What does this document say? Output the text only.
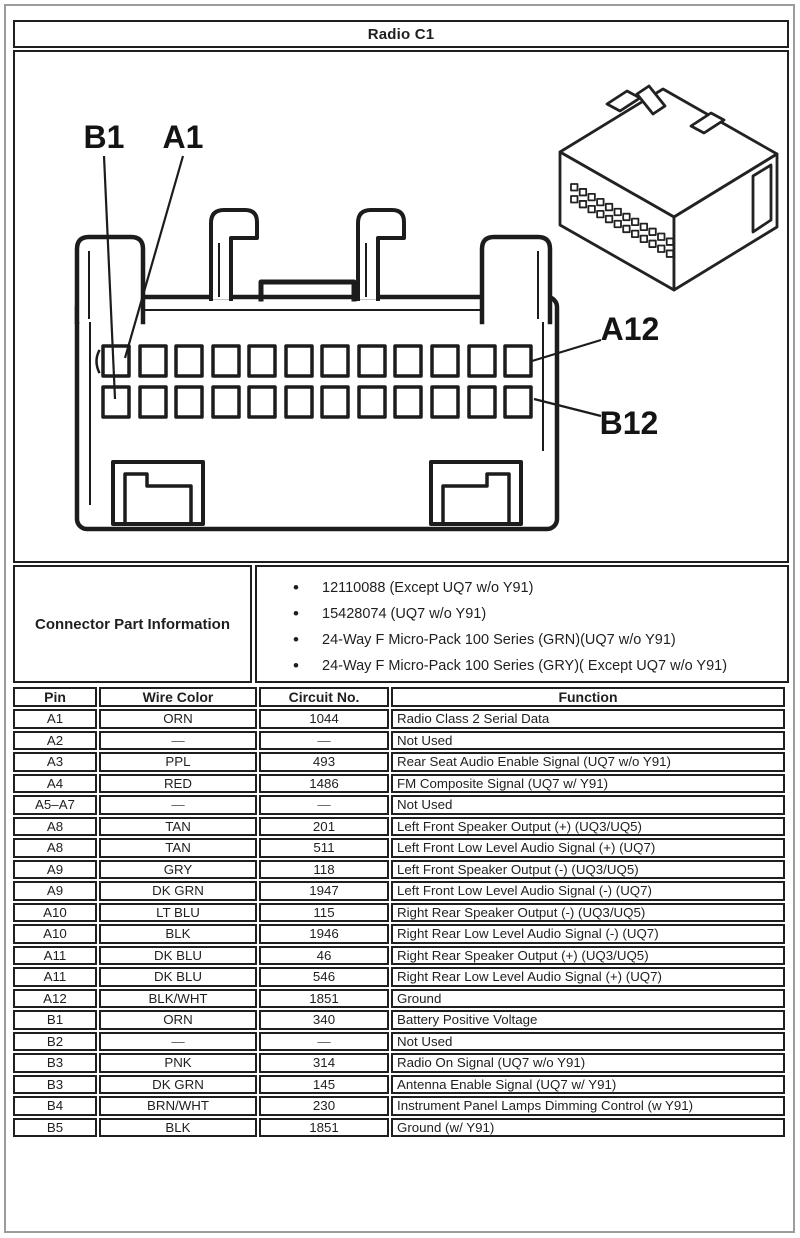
Radio C1
B1 A1
A12
B12
Connector Part Information
• 12110088 (Except UQ7 w/o Y91)
• 15428074 (UQ7 w/o Y91)
• 24-Way F Micro-Pack 100 Series (GRN)(UQ7 w/o Y91)
• 24-Way F Micro-Pack 100 Series (GRY)( Except UQ7 w/o Y91)
Pin	Wire Color	Circuit No.	Function
A1	ORN	1044	Radio Class 2 Serial Data
A2	—	—	Not Used
A3	PPL	493	Rear Seat Audio Enable Signal (UQ7 w/o Y91)
A4	RED	1486	FM Composite Signal (UQ7 w/ Y91)
A5–A7	—	—	Not Used
A8	TAN	201	Left Front Speaker Output (+) (UQ3/UQ5)
A8	TAN	511	Left Front Low Level Audio Signal (+) (UQ7)
A9	GRY	118	Left Front Speaker Output (-) (UQ3/UQ5)
A9	DK GRN	1947	Left Front Low Level Audio Signal (-) (UQ7)
A10	LT BLU	115	Right Rear Speaker Output (-) (UQ3/UQ5)
A10	BLK	1946	Right Rear Low Level Audio Signal (-) (UQ7)
A11	DK BLU	46	Right Rear Speaker Output (+) (UQ3/UQ5)
A11	DK BLU	546	Right Rear Low Level Audio Signal (+) (UQ7)
A12	BLK/WHT	1851	Ground
B1	ORN	340	Battery Positive Voltage
B2	—	—	Not Used
B3	PNK	314	Radio On Signal (UQ7 w/o Y91)
B3	DK GRN	145	Antenna Enable Signal (UQ7 w/ Y91)
B4	BRN/WHT	230	Instrument Panel Lamps Dimming Control (w Y91)
B5	BLK	1851	Ground (w/ Y91)
